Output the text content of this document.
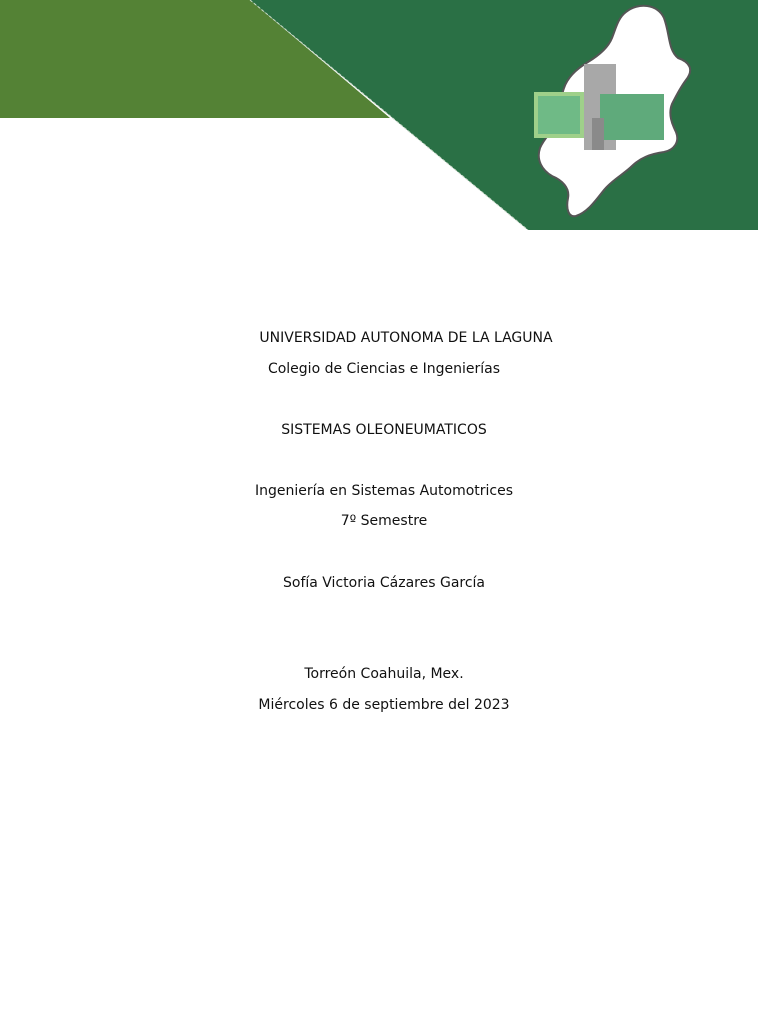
UNIVERSIDAD AUTONOMA DE LA LAGUNA
Colegio de Ciencias e Ingenierías
SISTEMAS OLEONEUMATICOS
Ingeniería en Sistemas Automotrices
7º Semestre
Sofía Victoria Cázares García
Torreón Coahuila, Mex.
Miércoles 6 de septiembre del 2023
